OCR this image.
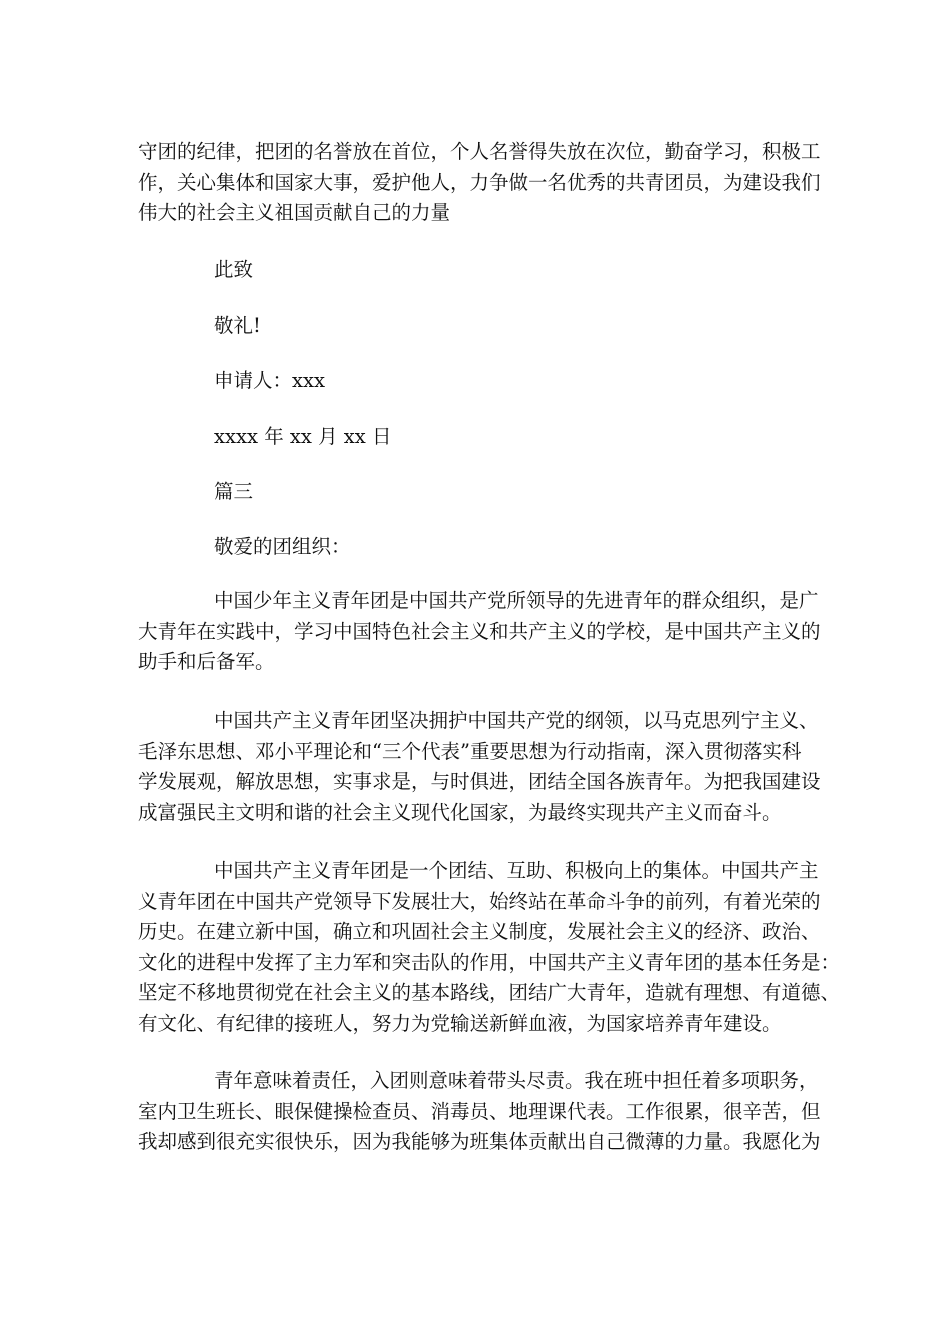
守团的纪律，把团的名誉放在首位，个人名誉得失放在次位，勤奋学习，积极工
作，关心集体和国家大事，爱护他人，力争做一名优秀的共青团员，为建设我们
伟大的社会主义祖国贡献自己的力量

此致
敬礼!
申请人：xxx
xxxx 年 xx 月 xx 日
篇三
敬爱的团组织：

中国少年主义青年团是中国共产党所领导的先进青年的群众组织，是广
大青年在实践中，学习中国特色社会主义和共产主义的学校，是中国共产主义的
助手和后备军。

中国共产主义青年团坚决拥护中国共产党的纲领，以马克思列宁主义、
毛泽东思想、邓小平理论和“三个代表”重要思想为行动指南，深入贯彻落实科
学发展观，解放思想，实事求是，与时俱进，团结全国各族青年。为把我国建设
成富强民主文明和谐的社会主义现代化国家，为最终实现共产主义而奋斗。

中国共产主义青年团是一个团结、互助、积极向上的集体。中国共产主
义青年团在中国共产党领导下发展壮大，始终站在革命斗争的前列，有着光荣的
历史。在建立新中国，确立和巩固社会主义制度，发展社会主义的经济、政治、
文化的进程中发挥了主力军和突击队的作用，中国共产主义青年团的基本任务是：
坚定不移地贯彻党在社会主义的基本路线，团结广大青年，造就有理想、有道德、
有文化、有纪律的接班人，努力为党输送新鲜血液，为国家培养青年建设。

青年意味着责任，入团则意味着带头尽责。我在班中担任着多项职务，
室内卫生班长、眼保健操检查员、消毒员、地理课代表。工作很累，很辛苦，但
我却感到很充实很快乐，因为我能够为班集体贡献出自己微薄的力量。我愿化为
